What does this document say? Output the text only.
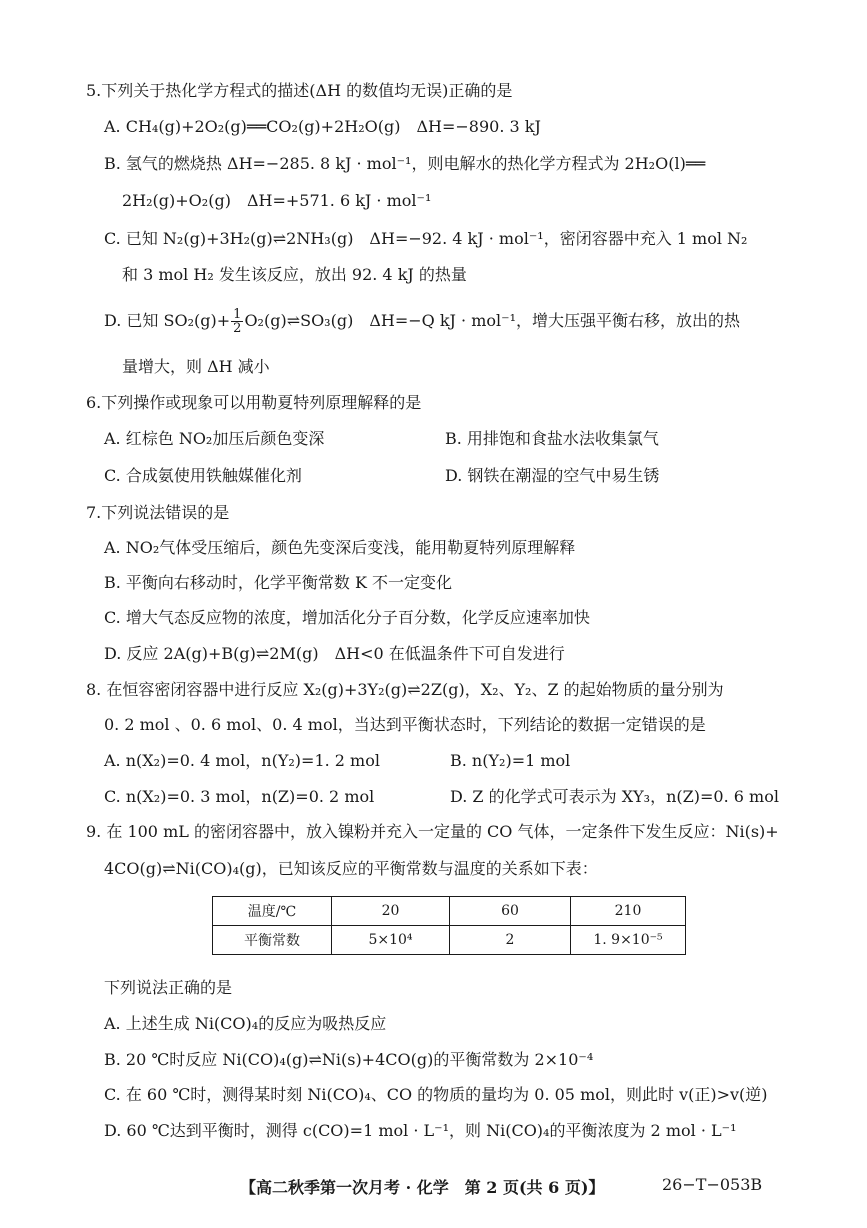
5.下列关于热化学方程式的描述(ΔH 的数值均无误)正确的是
A. CH₄(g)+2O₂(g)══CO₂(g)+2H₂O(g)　ΔH=−890. 3 kJ
B. 氢气的燃烧热 ΔH=−285. 8 kJ · mol⁻¹，则电解水的热化学方程式为 2H₂O(l)══
2H₂(g)+O₂(g)　ΔH=+571. 6 kJ · mol⁻¹
C. 已知 N₂(g)+3H₂(g)⇌2NH₃(g)　ΔH=−92. 4 kJ · mol⁻¹，密闭容器中充入 1 mol N₂
和 3 mol H₂ 发生该反应，放出 92. 4 kJ 的热量
D. 已知 $SO_2(g)+ \frac{1}{2}$ O₂(g)⇌SO₃(g)　ΔH=−Q kJ · mol⁻¹，增大压强平衡右移，放出的热
量增大，则 ΔH 减小
6.下列操作或现象可以用勒夏特列原理解释的是
A. 红棕色 NO₂加压后颜色变深	B. 用排饱和食盐水法收集氯气
C. 合成氨使用铁触媒催化剂	D. 钢铁在潮湿的空气中易生锈
7.下列说法错误的是
A. NO₂气体受压缩后，颜色先变深后变浅，能用勒夏特列原理解释
B. 平衡向右移动时，化学平衡常数 K 不一定变化
C. 增大气态反应物的浓度，增加活化分子百分数，化学反应速率加快
D. 反应 2A(g)+B(g)⇌2M(g)　ΔH<0 在低温条件下可自发进行
8. 在恒容密闭容器中进行反应 X₂(g)+3Y₂(g)⇌2Z(g)，X₂、Y₂、Z 的起始物质的量分别为
0. 2 mol 、0. 6 mol、0. 4 mol，当达到平衡状态时，下列结论的数据一定错误的是
A. n(X₂)=0. 4 mol，n(Y₂)=1. 2 mol	B. n(Y₂)=1 mol
C. n(X₂)=0. 3 mol，n(Z)=0. 2 mol	D. Z 的化学式可表示为 XY₃，n(Z)=0. 6 mol
9. 在 100 mL 的密闭容器中，放入镍粉并充入一定量的 CO 气体，一定条件下发生反应：Ni(s)+
4CO(g)⇌Ni(CO)₄(g)，已知该反应的平衡常数与温度的关系如下表：
温度/℃	20	60	210
平衡常数	5×10⁴	2	1. 9×10⁻⁵
下列说法正确的是
A. 上述生成 Ni(CO)₄的反应为吸热反应
B. 20 ℃时反应 Ni(CO)₄(g)⇌Ni(s)+4CO(g)的平衡常数为 2×10⁻⁴
C. 在 60 ℃时，测得某时刻 Ni(CO)₄、CO 的物质的量均为 0. 05 mol，则此时 v(正)>v(逆)
D. 60 ℃达到平衡时，测得 c(CO)=1 mol · L⁻¹，则 Ni(CO)₄的平衡浓度为 2 mol · L⁻¹
【高二秋季第一次月考 · 化学　第 2 页(共 6 页)】	26−T−053B
